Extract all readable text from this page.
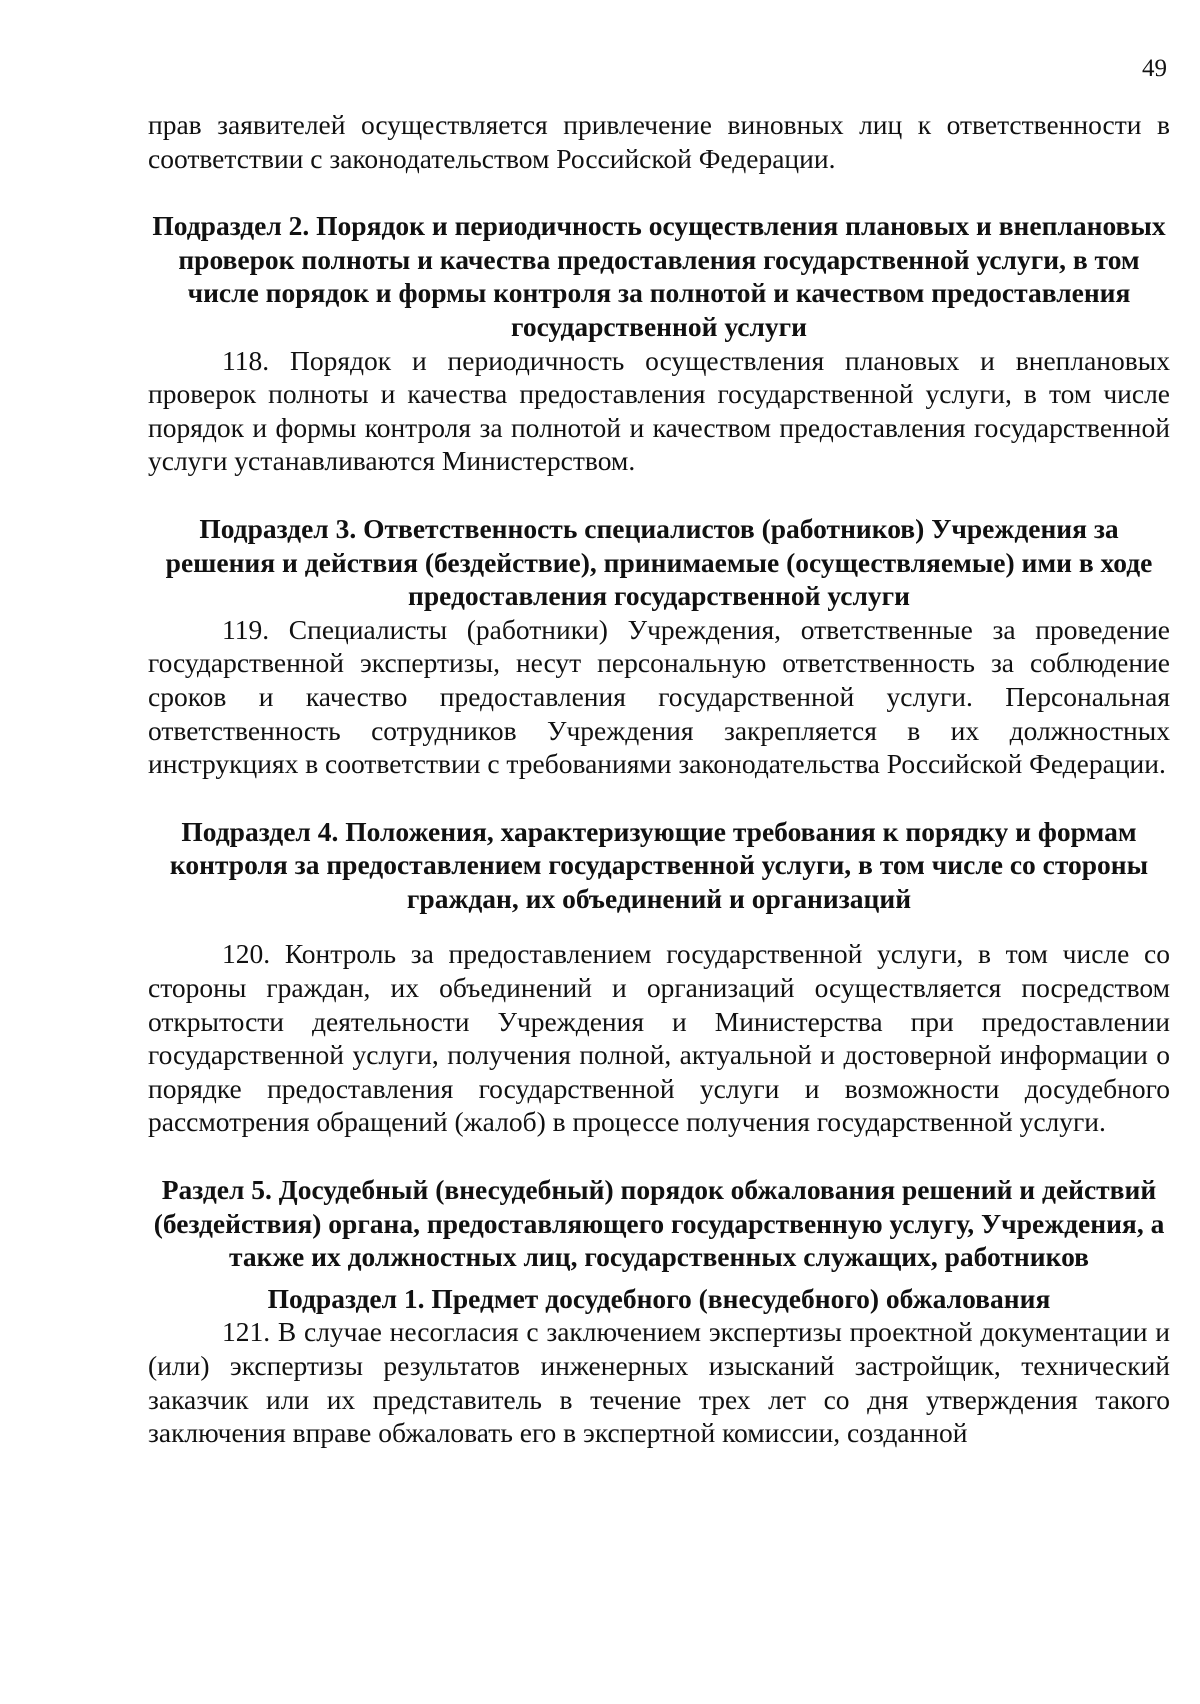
49

прав заявителей осуществляется привлечение виновных лиц к ответственности в соответствии с законодательством Российской Федерации.

Подраздел 2. Порядок и периодичность осуществления плановых и внеплановых проверок полноты и качества предоставления государственной услуги, в том числе порядок и формы контроля за полнотой и качеством предоставления государственной услуги

118. Порядок и периодичность осуществления плановых и внеплановых проверок полноты и качества предоставления государственной услуги, в том числе порядок и формы контроля за полнотой и качеством предоставления государственной услуги устанавливаются Министерством.

Подраздел 3. Ответственность специалистов (работников) Учреждения за решения и действия (бездействие), принимаемые (осуществляемые) ими в ходе предоставления государственной услуги

119. Специалисты (работники) Учреждения, ответственные за проведение государственной экспертизы, несут персональную ответственность за соблюдение сроков и качество предоставления государственной услуги. Персональная ответственность сотрудников Учреждения закрепляется в их должностных инструкциях в соответствии с требованиями законодательства Российской Федерации.

Подраздел 4. Положения, характеризующие требования к порядку и формам контроля за предоставлением государственной услуги, в том числе со стороны граждан, их объединений и организаций

120. Контроль за предоставлением государственной услуги, в том числе со стороны граждан, их объединений и организаций осуществляется посредством открытости деятельности Учреждения и Министерства при предоставлении государственной услуги, получения полной, актуальной и достоверной информации о порядке предоставления государственной услуги и возможности досудебного рассмотрения обращений (жалоб) в процессе получения государственной услуги.

Раздел 5. Досудебный (внесудебный) порядок обжалования решений и действий (бездействия) органа, предоставляющего государственную услугу, Учреждения, а также их должностных лиц, государственных служащих, работников
Подраздел 1. Предмет досудебного (внесудебного) обжалования

121. В случае несогласия с заключением экспертизы проектной документации и (или) экспертизы результатов инженерных изысканий застройщик, технический заказчик или их представитель в течение трех лет со дня утверждения такого заключения вправе обжаловать его в экспертной комиссии, созданной
